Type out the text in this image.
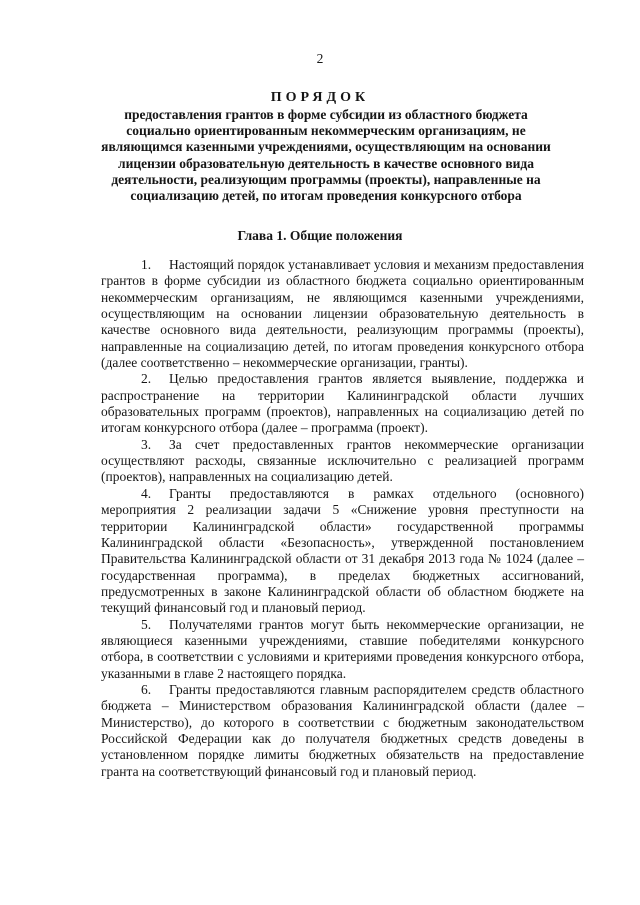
2
ПОРЯДОК
предоставления грантов в форме субсидии из областного бюджета социально ориентированным некоммерческим организациям, не являющимся казенными учреждениями, осуществляющим на основании лицензии образовательную деятельность в качестве основного вида деятельности, реализующим программы (проекты), направленные на социализацию детей, по итогам проведения конкурсного отбора
Глава 1. Общие положения

1. Настоящий порядок устанавливает условия и механизм предоставления грантов в форме субсидии из областного бюджета социально ориентированным некоммерческим организациям, не являющимся казенными учреждениями, осуществляющим на основании лицензии образовательную деятельность в качестве основного вида деятельности, реализующим программы (проекты), направленные на социализацию детей, по итогам проведения конкурсного отбора (далее соответственно – некоммерческие организации, гранты).

2. Целью предоставления грантов является выявление, поддержка и распространение на территории Калининградской области лучших образовательных программ (проектов), направленных на социализацию детей по итогам конкурсного отбора (далее – программа (проект).

3. За счет предоставленных грантов некоммерческие организации осуществляют расходы, связанные исключительно с реализацией программ (проектов), направленных на социализацию детей.

4. Гранты предоставляются в рамках отдельного (основного) мероприятия 2 реализации задачи 5 «Снижение уровня преступности на территории Калининградской области» государственной программы Калининградской области «Безопасность», утвержденной постановлением Правительства Калининградской области от 31 декабря 2013 года № 1024 (далее – государственная программа), в пределах бюджетных ассигнований, предусмотренных в законе Калининградской области об областном бюджете на текущий финансовый год и плановый период.

5. Получателями грантов могут быть некоммерческие организации, не являющиеся казенными учреждениями, ставшие победителями конкурсного отбора, в соответствии с условиями и критериями проведения конкурсного отбора, указанными в главе 2 настоящего порядка.

6. Гранты предоставляются главным распорядителем средств областного бюджета – Министерством образования Калининградской области (далее – Министерство), до которого в соответствии с бюджетным законодательством Российской Федерации как до получателя бюджетных средств доведены в установленном порядке лимиты бюджетных обязательств на предоставление гранта на соответствующий финансовый год и плановый период.
